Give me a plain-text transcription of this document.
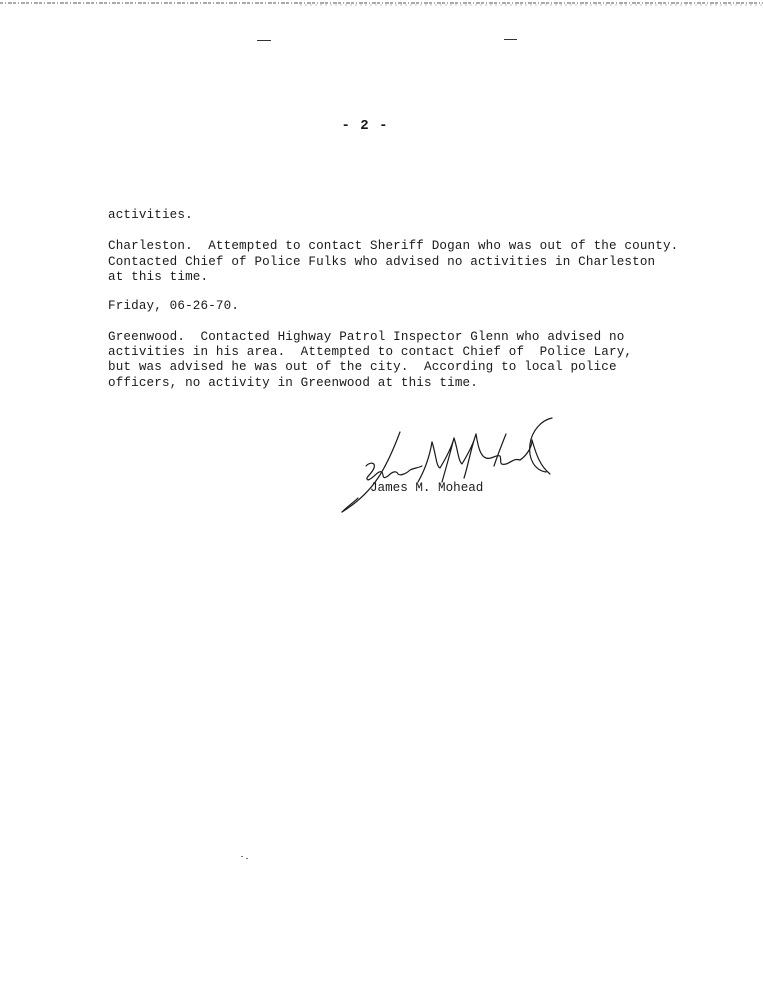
- 2 -
activities.
Charleston.  Attempted to contact Sheriff Dogan who was out of the county.
Contacted Chief of Police Fulks who advised no activities in Charleston
at this time.
Friday, 06-26-70.
Greenwood.  Contacted Highway Patrol Inspector Glenn who advised no
activities in his area.  Attempted to contact Chief of  Police Lary,
but was advised he was out of the city.  According to local police
officers, no activity in Greenwood at this time.
James M. Mohead
